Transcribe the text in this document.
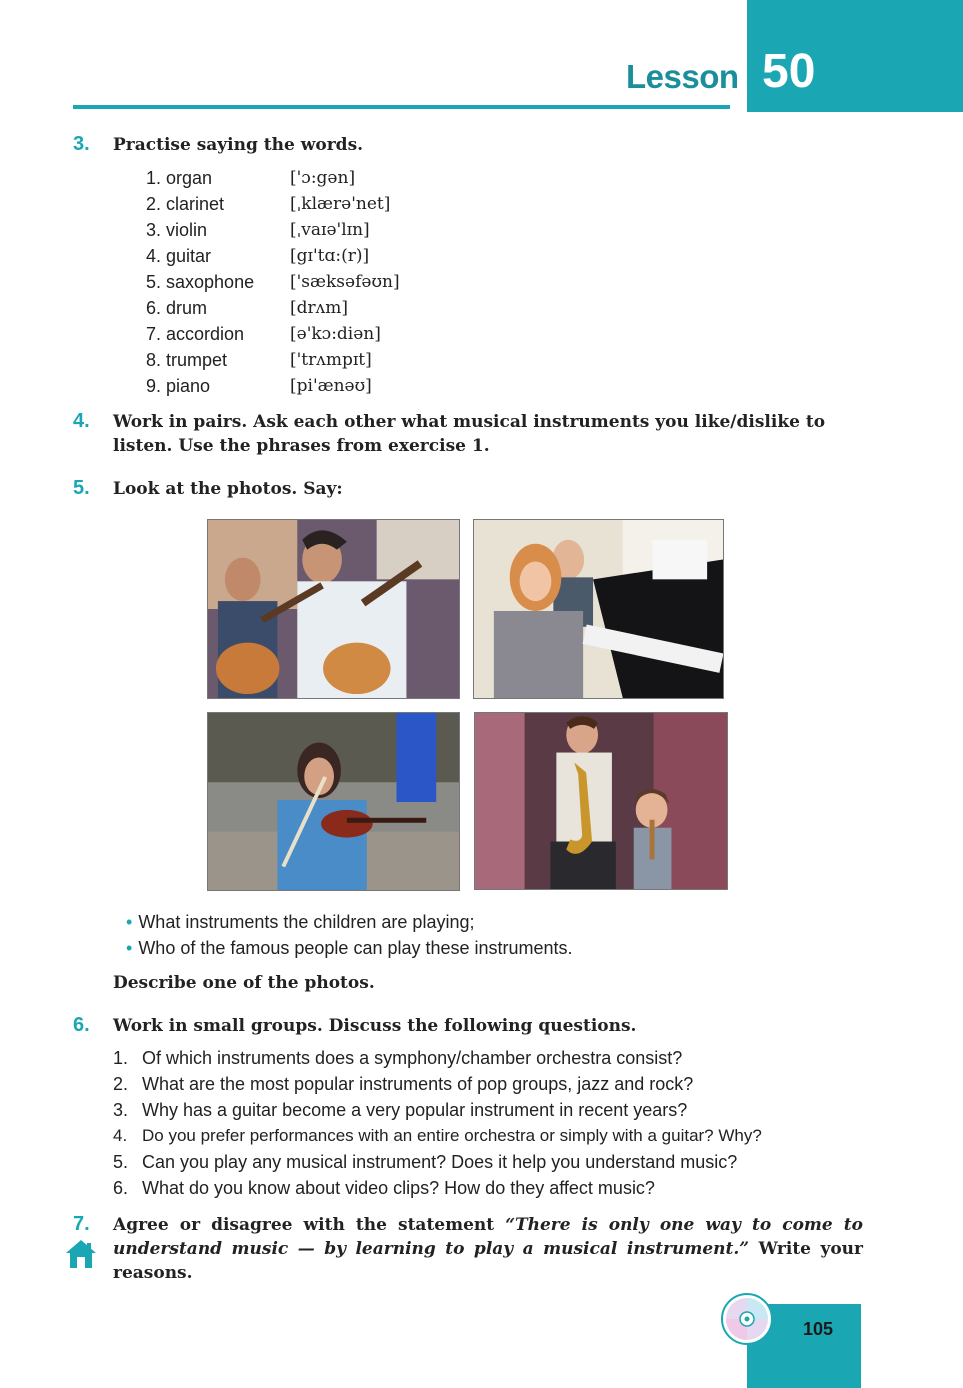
Lesson 50
3. Practise saying the words.
1. organ	['ɔ:gən]
2. clarinet	[ˌklærə'net]
3. violin	[ˌvaɪə'lɪn]
4. guitar	[gɪ'tɑ:(r)]
5. saxophone	['sæksəfəʊn]
6. drum	[drʌm]
7. accordion	[ə'kɔ:diən]
8. trumpet	['trʌmpɪt]
9. piano	[pi'ænəʊ]
4. Work in pairs. Ask each other what musical instruments you like/dislike to listen. Use the phrases from exercise 1.
5. Look at the photos. Say:
• What instruments the children are playing;
• Who of the famous people can play these instruments.
Describe one of the photos.
6. Work in small groups. Discuss the following questions.
1. Of which instruments does a symphony/chamber orchestra consist?
2. What are the most popular instruments of pop groups, jazz and rock?
3. Why has a guitar become a very popular instrument in recent years?
4. Do you prefer performances with an entire orchestra or simply with a guitar? Why?
5. Can you play any musical instrument? Does it help you understand music?
6. What do you know about video clips? How do they affect music?
7. Agree or disagree with the statement “There is only one way to come to understand music — by learning to play a musical instrument.” Write your reasons.
105
